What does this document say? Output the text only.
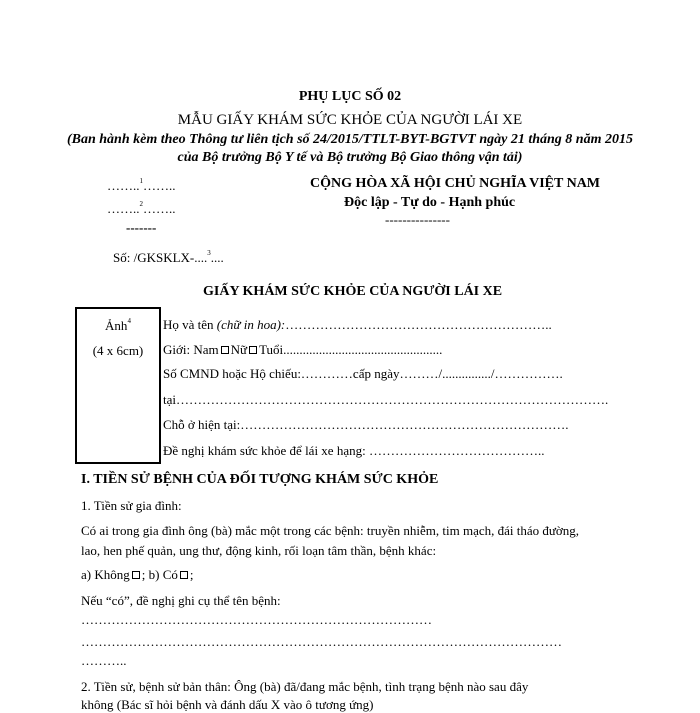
PHỤ LỤC SỐ 02
MẪU GIẤY KHÁM SỨC KHỎE CỦA NGƯỜI LÁI XE
(Ban hành kèm theo Thông tư liên tịch số 24/2015/TTLT-BYT-BGTVT ngày 21 tháng 8 năm 2015
của Bộ trưởng Bộ Y tế và Bộ trưởng Bộ Giao thông vận tải)
……..$^1$……..
……..$^2$……..
-------
CỘNG HÒA XÃ HỘI CHỦ NGHĨA VIỆT NAM
Độc lập - Tự do - Hạnh phúc
---------------
Số: /GKSKLX-....$^3$....
GIẤY KHÁM SỨC KHỎE CỦA NGƯỜI LÁI XE
Ảnh$^4$
(4 x 6cm)
Họ và tên (chữ in hoa):……………………………………………………..
Giới: Nam Nữ Tuổi.................................................
Số CMND hoặc Hộ chiếu:…………cấp ngày………/.............../…………….
tại……………………………………………………………………………………….
Chỗ ở hiện tại:………………………………………………………………….
Đề nghị khám sức khỏe để lái xe hạng: …………………………………..
I. TIỀN SỬ BỆNH CỦA ĐỐI TƯỢNG KHÁM SỨC KHỎE
1. Tiền sử gia đình:
Có ai trong gia đình ông (bà) mắc một trong các bệnh: truyền nhiễm, tim mạch, đái tháo đường,
lao, hen phế quản, ung thư, động kinh, rối loạn tâm thần, bệnh khác:
a) Không ; b) Có ;
Nếu “có”, đề nghị ghi cụ thể tên bệnh:
………………………………………………………………………
…………………………………………………………………………………………………
………..
2. Tiền sử, bệnh sử bản thân: Ông (bà) đã/đang mắc bệnh, tình trạng bệnh nào sau đây
không (Bác sĩ hỏi bệnh và đánh dấu X vào ô tương ứng)
